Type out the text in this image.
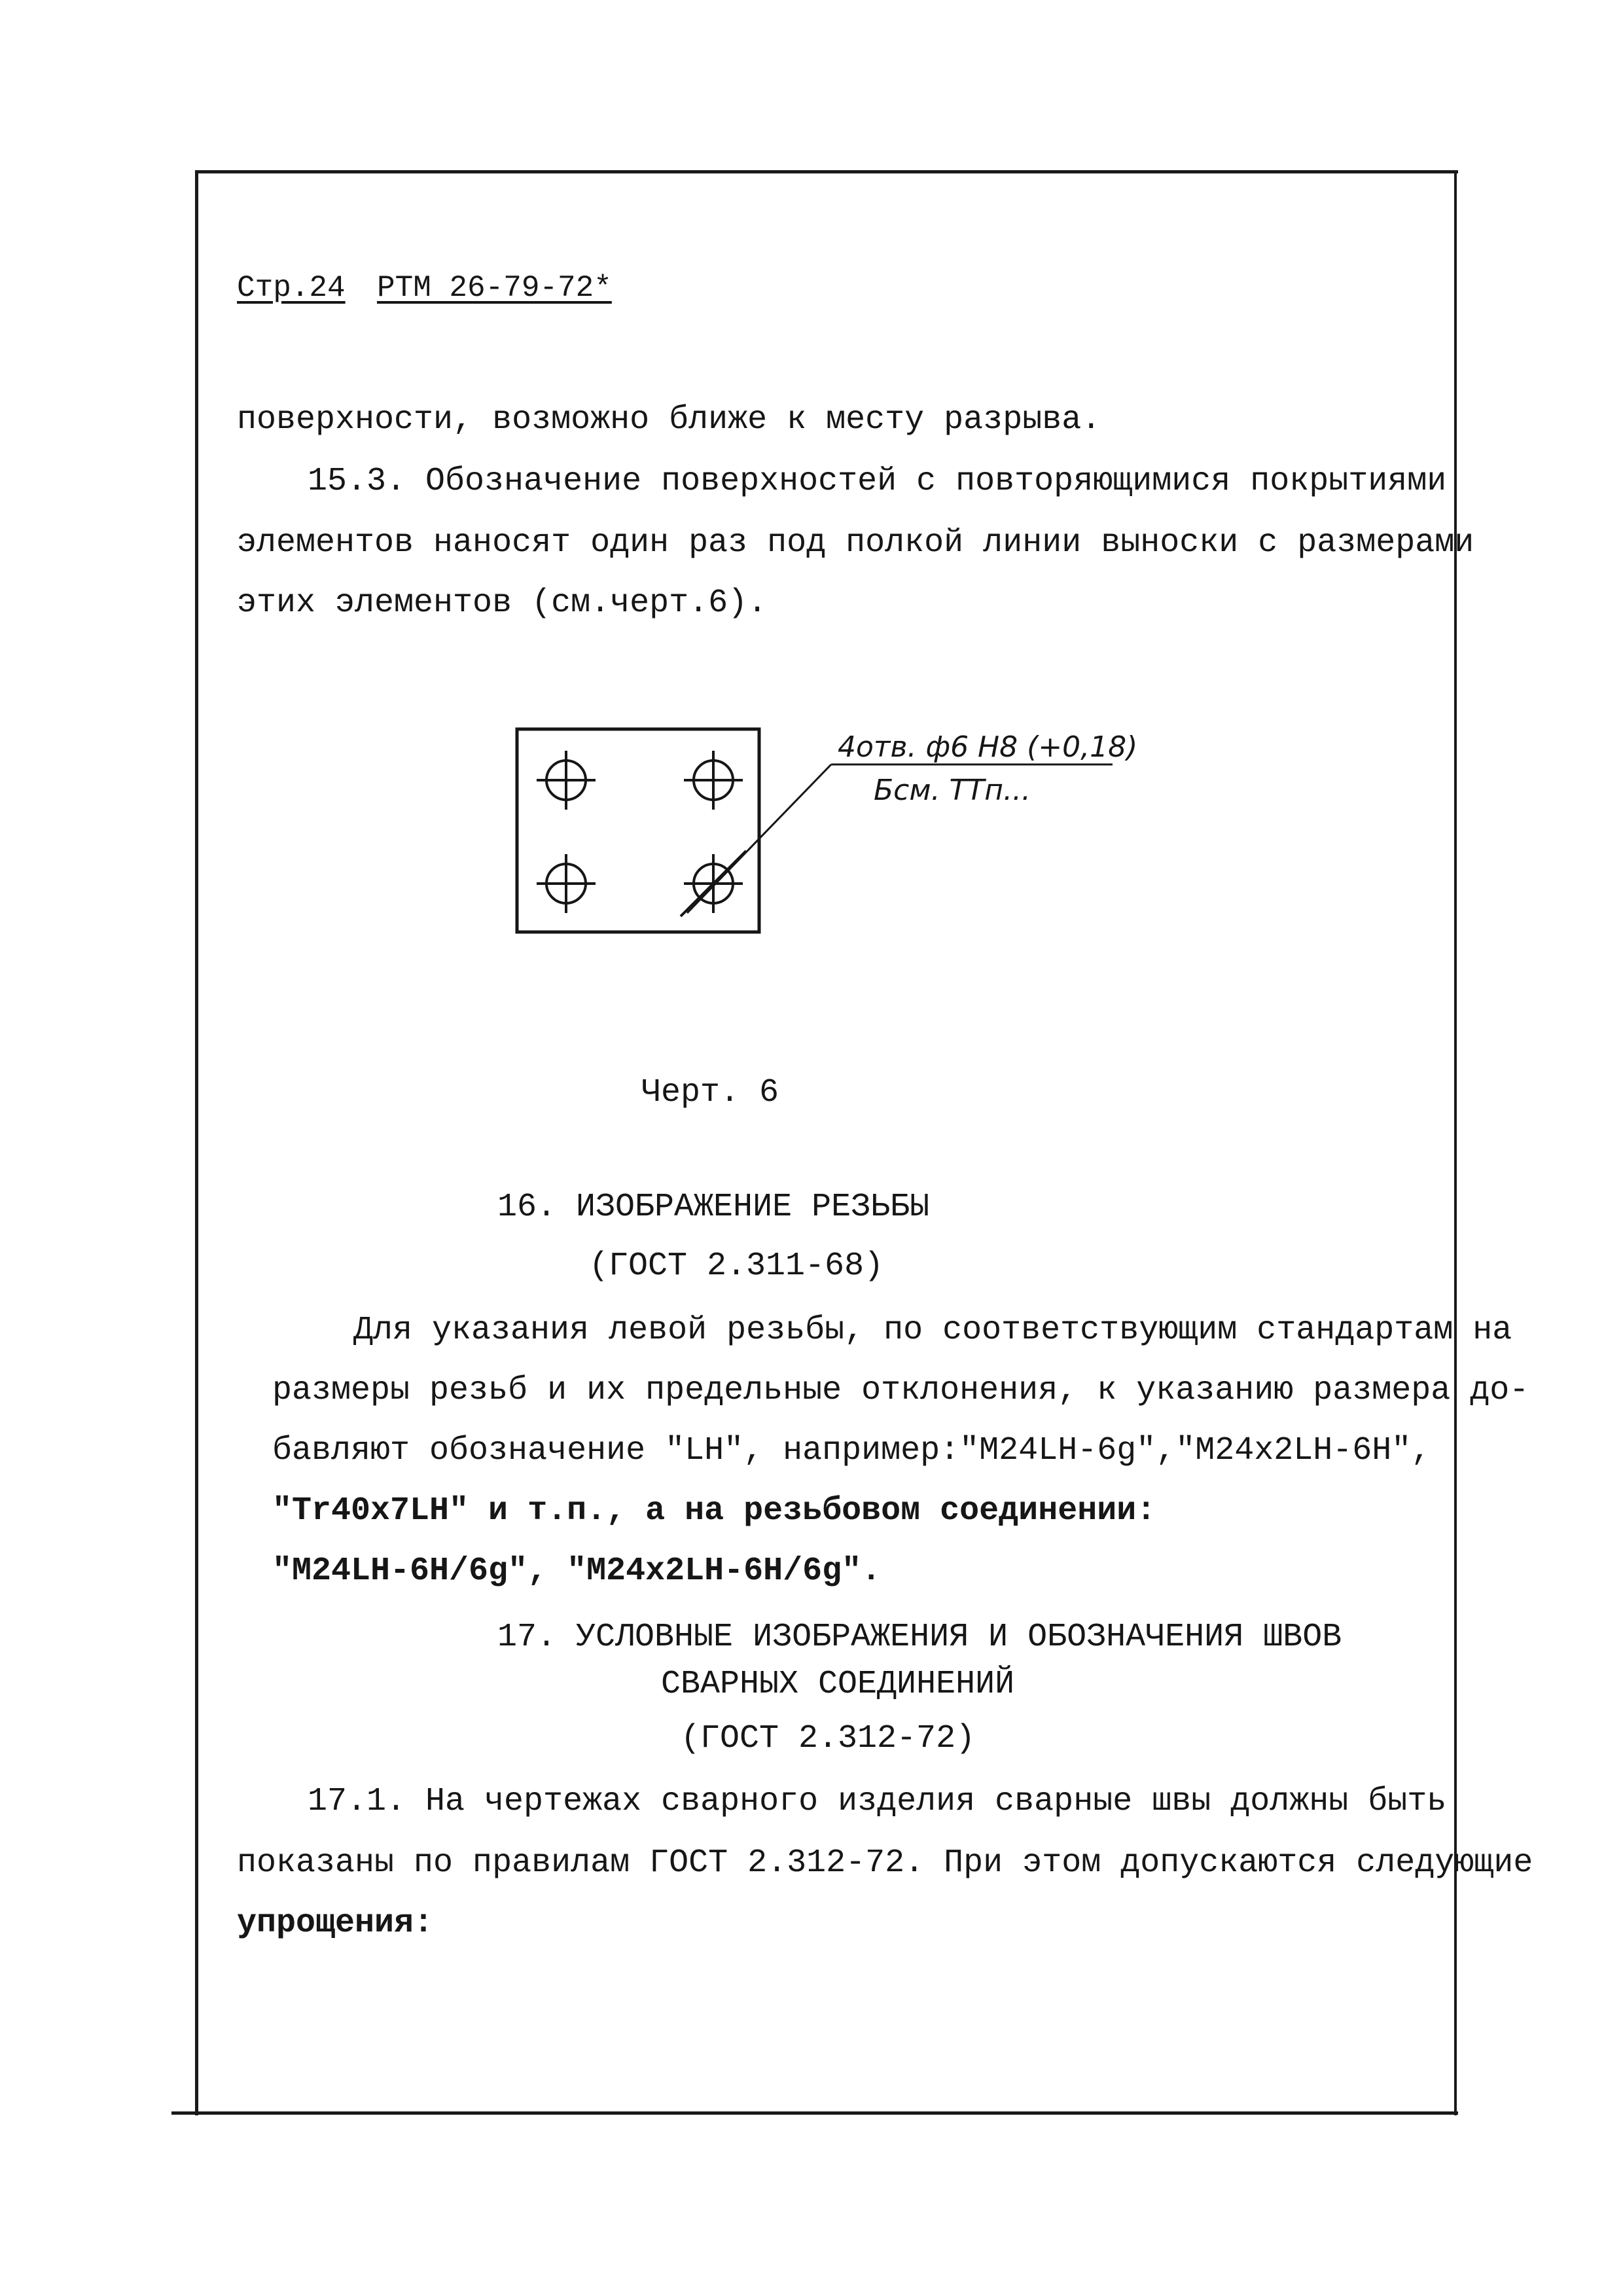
Стр.24 РТМ 26-79-72*
поверхности, возможно ближе к месту разрыва.
15.3. Обозначение поверхностей с повторяющимися покрытиями
элементов наносят один раз под полкой линии выноски с размерами
этих элементов (см.черт.6).
4отв. ф6 Н8 (+0,18)
Бсм. ТТп...
Черт. 6
16. ИЗОБРАЖЕНИЕ РЕЗЬБЫ
(ГОСТ 2.311-68)
Для указания левой резьбы, по соответствующим стандартам на
размеры резьб и их предельные отклонения, к указанию размера до-
бавляют обозначение "LH", например:"M24LH-6g","M24x2LH-6H",
"Tr40x7LH" и т.п., а на резьбовом соединении:
"M24LH-6H/6g", "M24x2LH-6H/6g".
17. УСЛОВНЫЕ ИЗОБРАЖЕНИЯ И ОБОЗНАЧЕНИЯ ШВОВ
СВАРНЫХ СОЕДИНЕНИЙ
(ГОСТ 2.312-72)
17.1. На чертежах сварного изделия сварные швы должны быть
показаны по правилам ГОСТ 2.312-72. При этом допускаются следующие
упрощения:
